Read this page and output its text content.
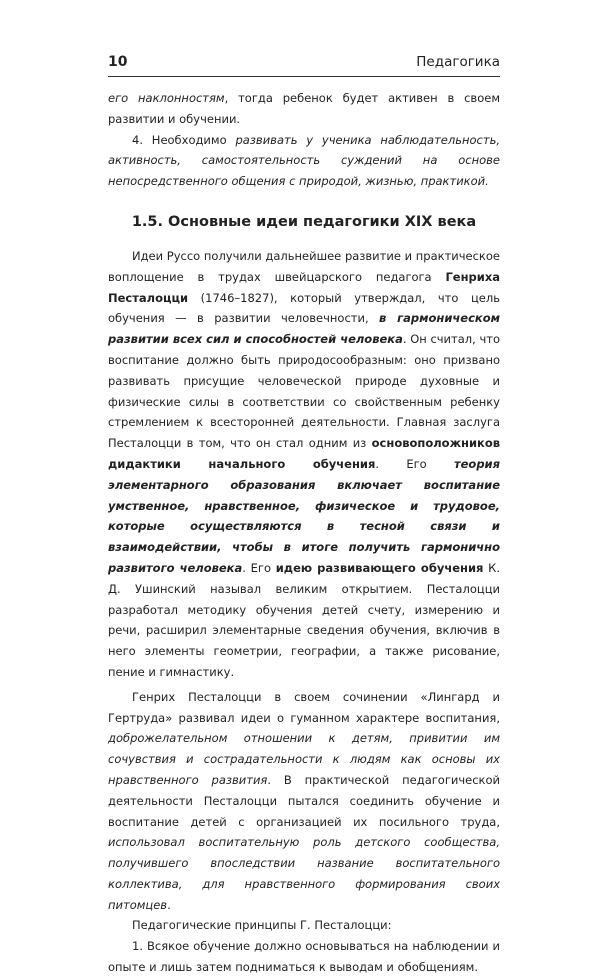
10	Педагогика

его наклонностям, тогда ребенок будет активен в своем развитии и обучении.

4. Необходимо развивать у ученика наблюдательность, активность, самостоятельность суждений на основе непосредственного общения с природой, жизнью, практикой.

1.5. Основные идеи педагогики XIX века

Идеи Руссо получили дальнейшее развитие и практическое воплощение в трудах швейцарского педагога Генриха Песталоцци (1746–1827), который утверждал, что цель обучения — в развитии человечности, в гармоническом развитии всех сил и способностей человека. Он считал, что воспитание должно быть природосообразным: оно призвано развивать присущие человеческой природе духовные и физические силы в соответствии со свойственным ребенку стремлением к всесторонней деятельности. Главная заслуга Песталоцци в том, что он стал одним из основоположников дидактики начального обучения. Его теория элементарного образования включает воспитание умственное, нравственное, физическое и трудовое, которые осуществляются в тесной связи и взаимодействии, чтобы в итоге получить гармонично развитого человека. Его идею развивающего обучения К. Д. Ушинский называл великим открытием. Песталоцци разработал методику обучения детей счету, измерению и речи, расширил элементарные сведения обучения, включив в него элементы геометрии, географии, а также рисование, пение и гимнастику.

Генрих Песталоцци в своем сочинении «Лингард и Гертруда» развивал идеи о гуманном характере воспитания, доброжелательном отношении к детям, привитии им сочувствия и сострадательности к людям как основы их нравственного развития. В практической педагогической деятельности Песталоцци пытался соединить обучение и воспитание детей с организацией их посильного труда, использовал воспитательную роль детского сообщества, получившего впоследствии название воспитательного коллектива, для нравственного формирования своих питомцев.

Педагогические принципы Г. Песталоцци:

1. Всякое обучение должно основываться на наблюдении и опыте и лишь затем подниматься к выводам и обобщениям.
